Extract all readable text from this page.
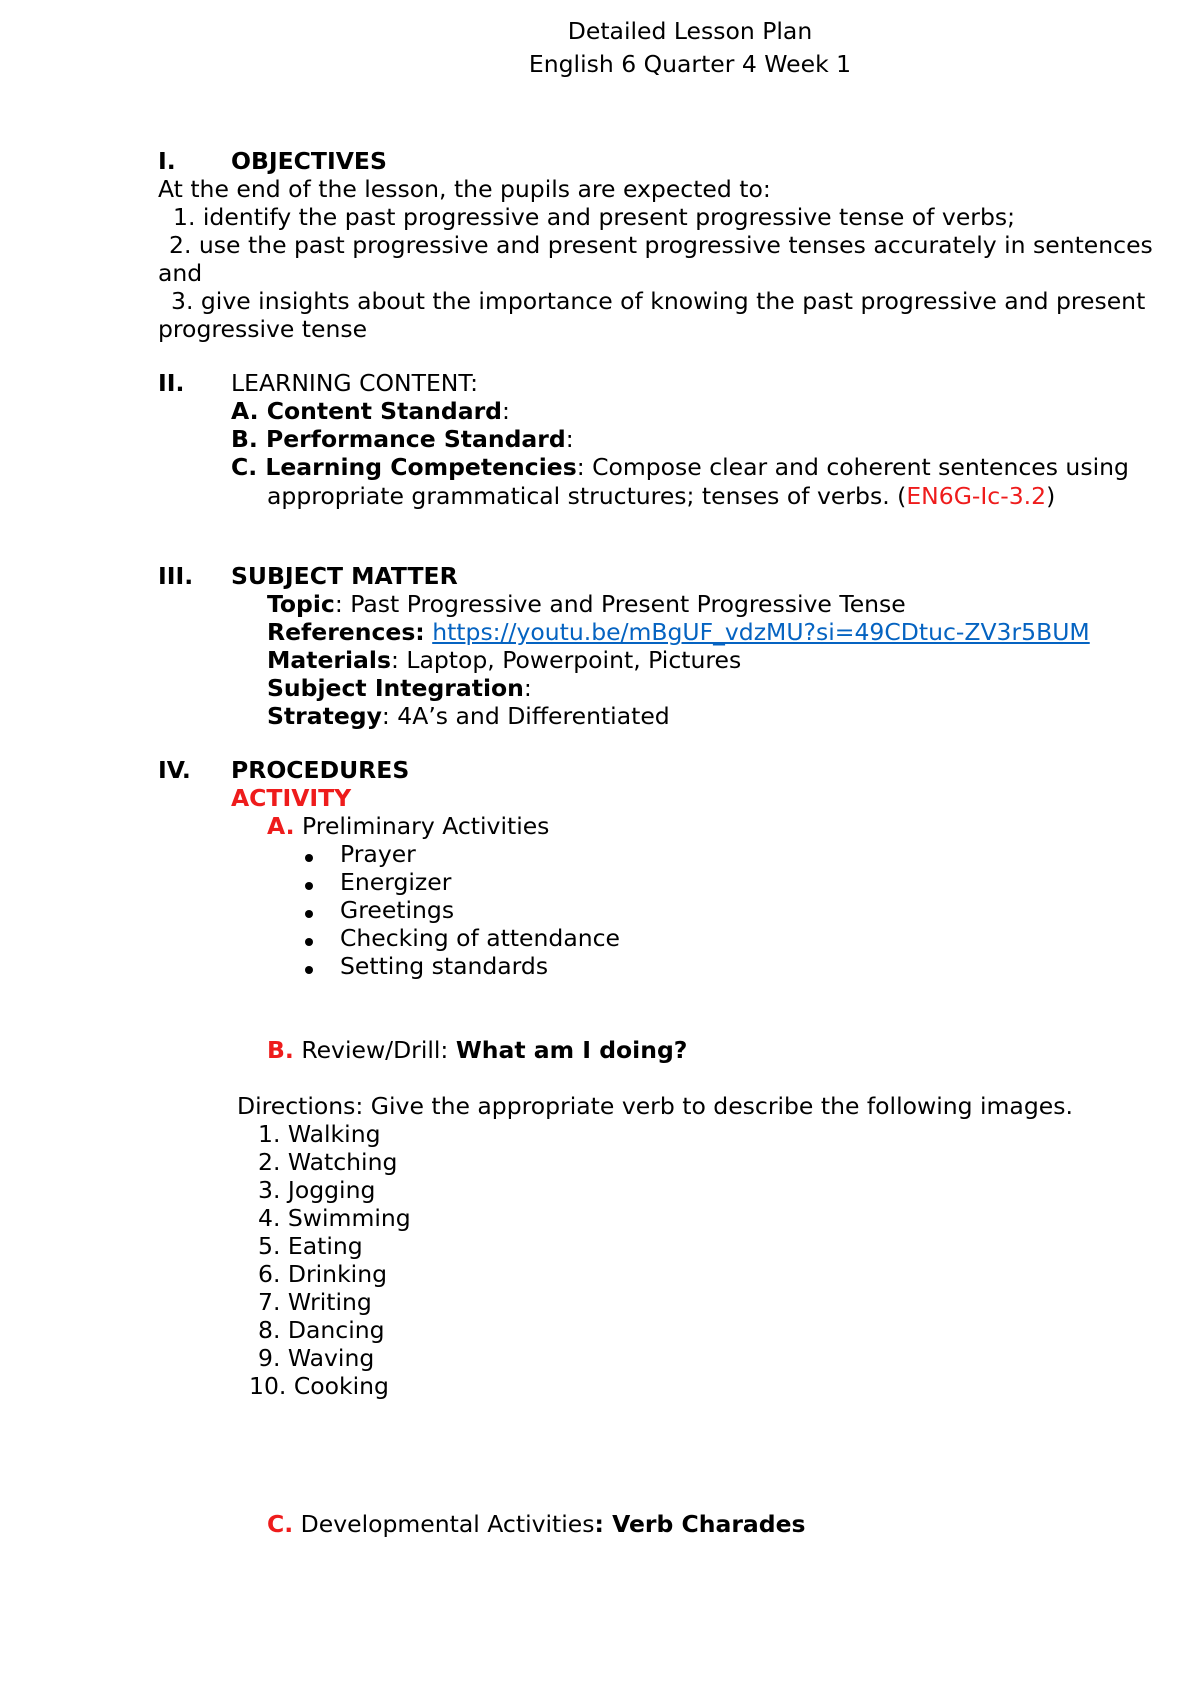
Detailed Lesson Plan
English 6 Quarter 4 Week 1
I. OBJECTIVES
At the end of the lesson, the pupils are expected to:
1. identify the past progressive and present progressive tense of verbs;
2. use the past progressive and present progressive tenses accurately in sentences
and
3. give insights about the importance of knowing the past progressive and present
progressive tense
II. LEARNING CONTENT:
A. Content Standard:
B. Performance Standard:
C. Learning Competencies: Compose clear and coherent sentences using
appropriate grammatical structures; tenses of verbs. (EN6G-Ic-3.2)
III. SUBJECT MATTER
Topic: Past Progressive and Present Progressive Tense
References: https://youtu.be/mBgUF_vdzMU?si=49CDtuc-ZV3r5BUM
Materials: Laptop, Powerpoint, Pictures
Subject Integration:
Strategy: 4A’s and Differentiated
IV. PROCEDURES
ACTIVITY
A. Preliminary Activities
Prayer
Energizer
Greetings
Checking of attendance
Setting standards
B. Review/Drill: What am I doing?
Directions: Give the appropriate verb to describe the following images.
1. Walking
2. Watching
3. Jogging
4. Swimming
5. Eating
6. Drinking
7. Writing
8. Dancing
9. Waving
10. Cooking
C. Developmental Activities: Verb Charades
